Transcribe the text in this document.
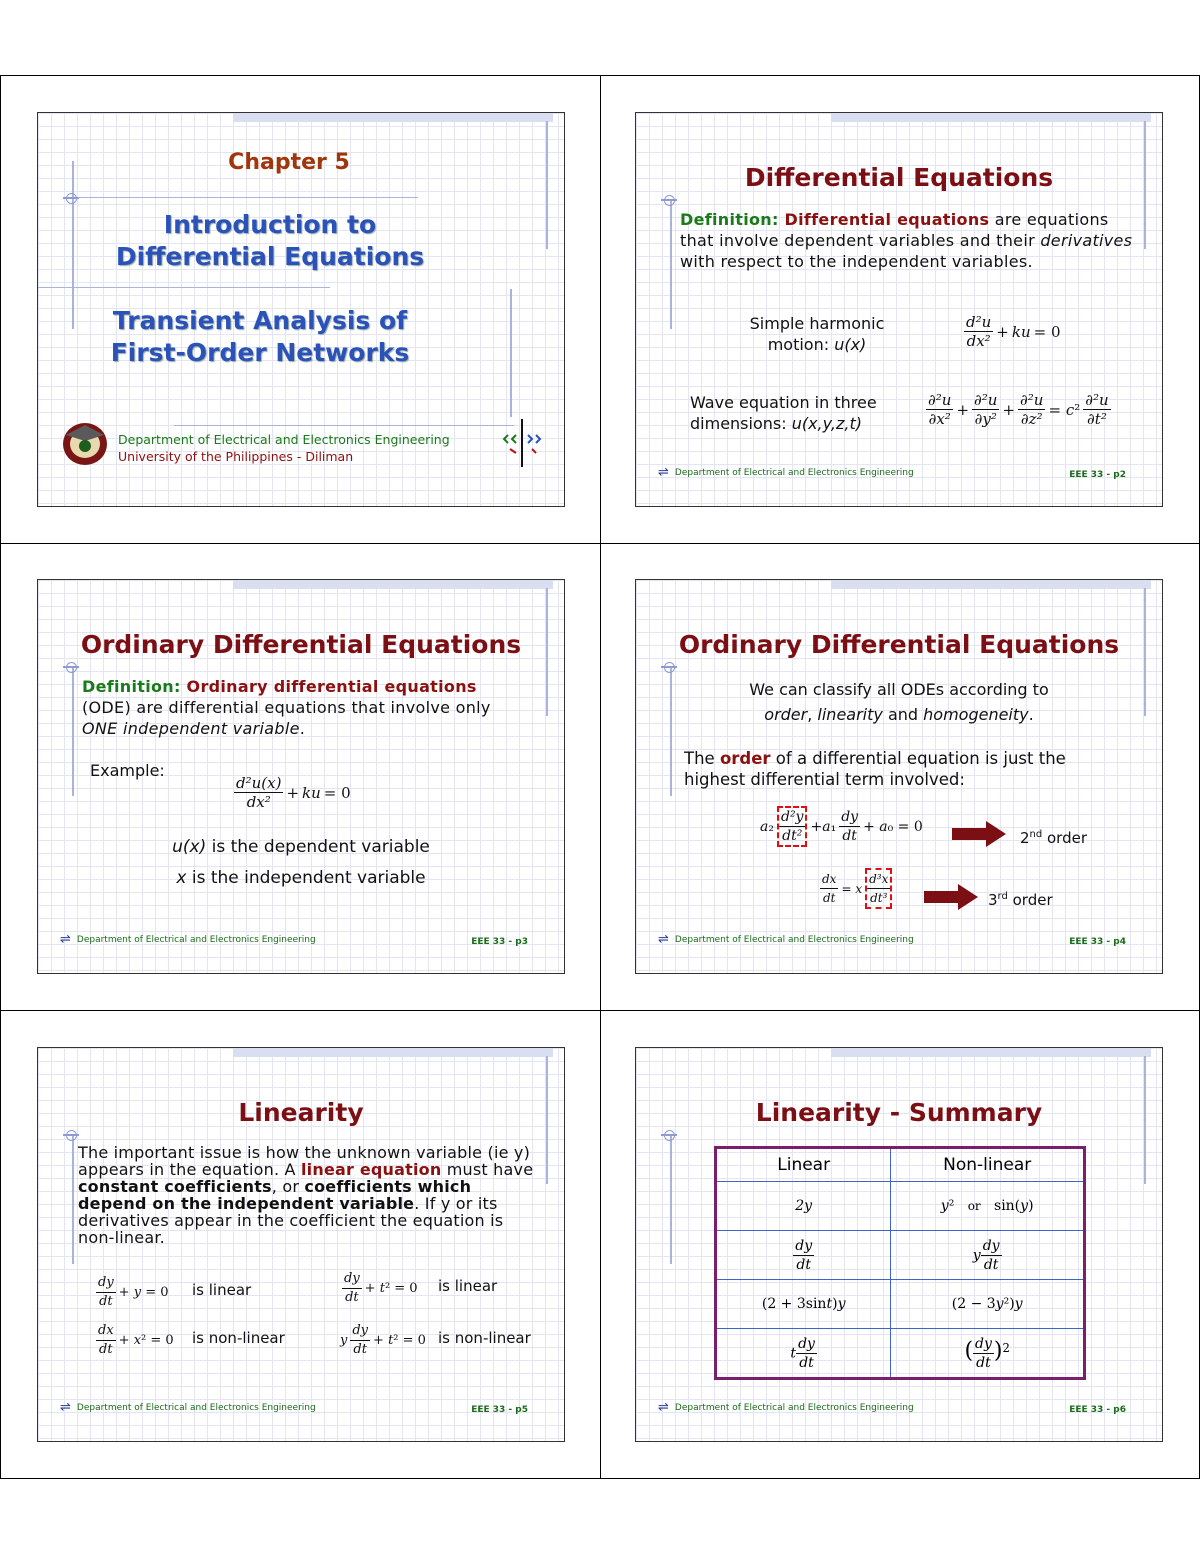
Chapter 5
Introduction to Differential Equations
Transient Analysis of First-Order Networks
Department of Electrical and Electronics Engineering
University of the Philippines - Diliman
Differential Equations
Definition: Differential equations are equations that involve dependent variables and their derivatives with respect to the independent variables.
Simple harmonic motion: u(x)	$\frac{\text{d²u}}{\text{dx²}}$ + ku = 0
Wave equation in three dimensions: u(x,y,z,t)	$\frac{\text{∂²u}}{\text{∂x²}} + \frac{\text{∂²u}}{\text{∂y²}} + \frac{\text{∂²u}}{\text{∂z²}} = c^2 \frac{\text{∂²u}}{\text{∂t²}}$
⇌ Department of Electrical and Electronics Engineering	EEE 33 - p2
Ordinary Differential Equations
Definition: Ordinary differential equations (ODE) are differential equations that involve only ONE independent variable.
Example:
$\frac{\text{d²u(x)}}{\text{dx²}}$ + ku = 0
u(x) is the dependent variable
x is the independent variable
⇌ Department of Electrical and Electronics Engineering	EEE 33 - p3
Ordinary Differential Equations
We can classify all ODEs according to
order, linearity and homogeneity.
The order of a differential equation is just the highest differential term involved:
$a_2 \frac{\text{d²y}}{\text{dt²}} +a_1 \frac{dy}{dt} + a_0 = 0$
2nd order
$\frac{dx}{dt} = x \frac{\text{d³x}}{\text{dt³}}$	3rd order
⇌ Department of Electrical and Electronics Engineering	EEE 33 - p4
Linearity
The important issue is how the unknown variable (ie y) appears in the equation. A linear equation must have constant coefficients, or coefficients which depend on the independent variable. If y or its derivatives appear in the coefficient the equation is non-linear.
$\frac{dy}{dt} + y = 0$ is linear	$\frac{dy}{dt} + t^2 = 0$ is linear
$\frac{dx}{dt} + x^2 = 0$ is non-linear	y $\frac{dy}{dt} + t^2 = 0$ is non-linear
⇌ Department of Electrical and Electronics Engineering	EEE 33 - p5
Linearity - Summary
Linear	Non-linear
2y	y²   or   sin(y)

$\frac{dy}{dt}$	y $\frac{dy}{dt}$

(2 + 3sint)y	(2 − 3y²)y
t $\frac{dy}{dt}$	( $\frac{dy}{dt} )^2$
⇌ Department of Electrical and Electronics Engineering	EEE 33 - p6
